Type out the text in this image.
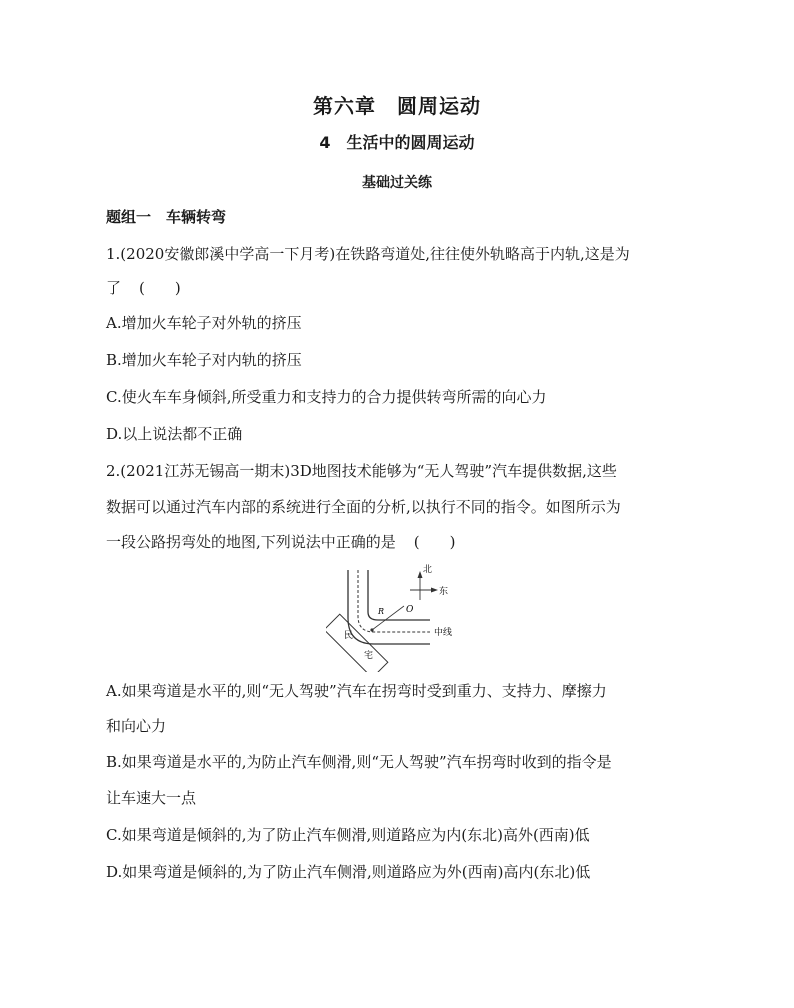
第六章　圆周运动
4　生活中的圆周运动
基础过关练
题组一　车辆转弯
1.(2020安徽郎溪中学高一下月考)在铁路弯道处,往往使外轨略高于内轨,这是为
了 (　　)
A.增加火车轮子对外轨的挤压
B.增加火车轮子对内轨的挤压
C.使火车车身倾斜,所受重力和支持力的合力提供转弯所需的向心力
D.以上说法都不正确
2.(2021江苏无锡高一期末)3D地图技术能够为“无人驾驶”汽车提供数据,这些
数据可以通过汽车内部的系统进行全面的分析,以执行不同的指令。如图所示为
一段公路拐弯处的地图,下列说法中正确的是 (　　)
民
宅
北
东
O
R
中线
A.如果弯道是水平的,则“无人驾驶”汽车在拐弯时受到重力、支持力、摩擦力
和向心力
B.如果弯道是水平的,为防止汽车侧滑,则“无人驾驶”汽车拐弯时收到的指令是
让车速大一点
C.如果弯道是倾斜的,为了防止汽车侧滑,则道路应为内(东北)高外(西南)低
D.如果弯道是倾斜的,为了防止汽车侧滑,则道路应为外(西南)高内(东北)低
